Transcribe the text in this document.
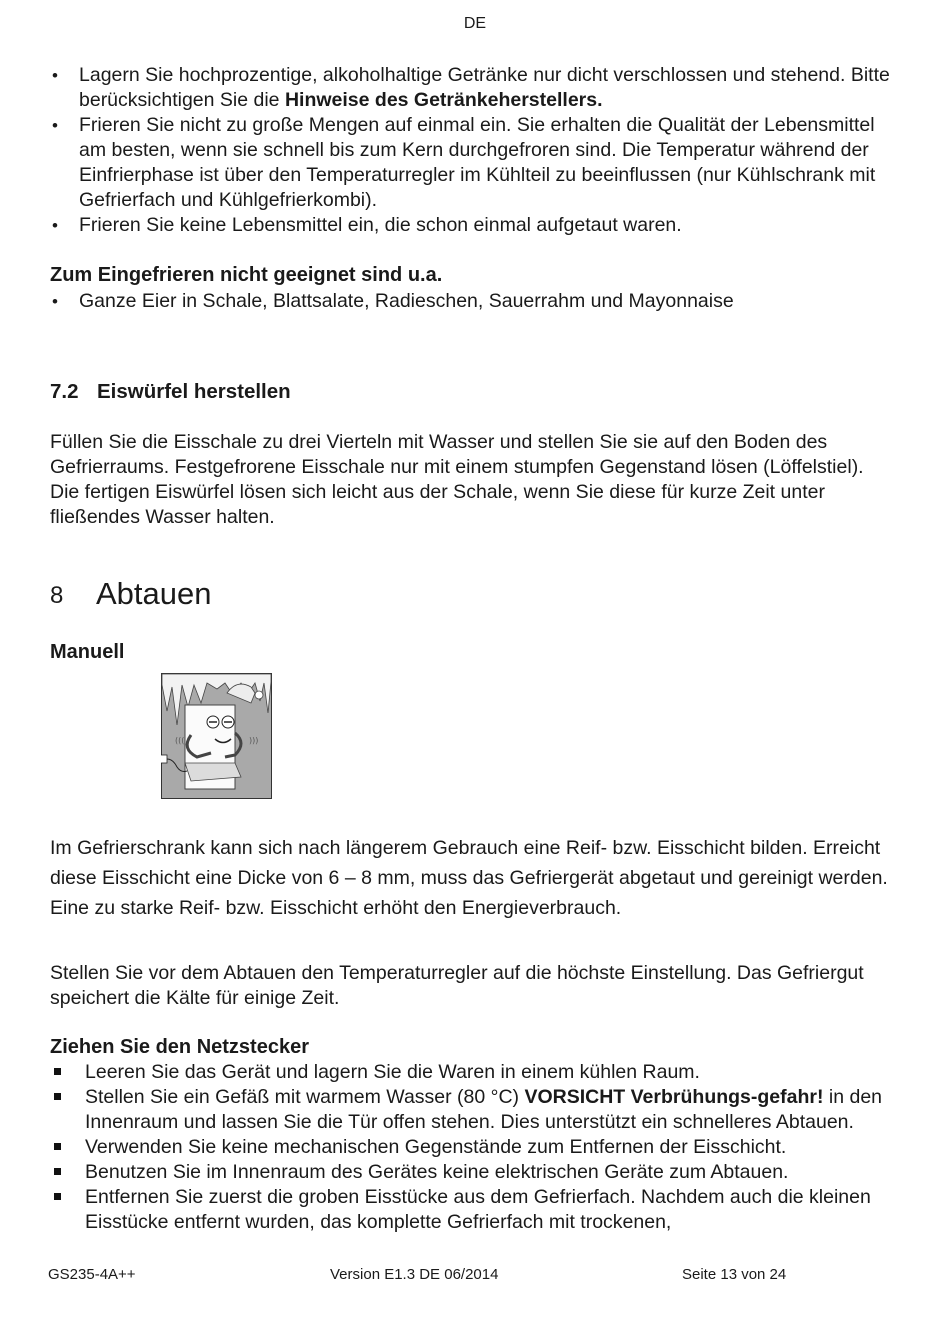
DE
• Lagern Sie hochprozentige, alkoholhaltige Getränke nur dicht verschlossen und stehend. Bitte berücksichtigen Sie die Hinweise des Getränkeherstellers.
• Frieren Sie nicht zu große Mengen auf einmal ein. Sie erhalten die Qualität der Lebensmittel am besten, wenn sie schnell bis zum Kern durchgefroren sind. Die Temperatur während der Einfrierphase ist über den Temperaturregler im Kühlteil zu beeinflussen (nur Kühlschrank mit Gefrierfach und Kühlgefrierkombi).
• Frieren Sie keine Lebensmittel ein, die schon einmal aufgetaut waren.
Zum Eingefrieren nicht geeignet sind u.a.
• Ganze Eier in Schale, Blattsalate, Radieschen, Sauerrahm und Mayonnaise
7.2 Eiswürfel herstellen
Füllen Sie die Eisschale zu drei Vierteln mit Wasser und stellen Sie sie auf den Boden des Gefrierraums. Festgefrorene Eisschale nur mit einem stumpfen Gegenstand lösen (Löffelstiel). Die fertigen Eiswürfel lösen sich leicht aus der Schale, wenn Sie diese für kurze Zeit unter fließendes Wasser halten.
8 Abtauen
Manuell
(((	)))
Im Gefrierschrank kann sich nach längerem Gebrauch eine Reif- bzw. Eisschicht bilden. Erreicht diese Eisschicht eine Dicke von 6 – 8 mm, muss das Gefriergerät abgetaut und gereinigt werden. Eine zu starke Reif- bzw. Eisschicht erhöht den Energieverbrauch.
Stellen Sie vor dem Abtauen den Temperaturregler auf die höchste Einstellung. Das Gefriergut speichert die Kälte für einige Zeit.
Ziehen Sie den Netzstecker
Leeren Sie das Gerät und lagern Sie die Waren in einem kühlen Raum.
Stellen Sie ein Gefäß mit warmem Wasser (80 °C) VORSICHT Verbrühungs-gefahr! in den Innenraum und lassen Sie die Tür offen stehen. Dies unterstützt ein schnelleres Abtauen.
Verwenden Sie keine mechanischen Gegenstände zum Entfernen der Eisschicht.
Benutzen Sie im Innenraum des Gerätes keine elektrischen Geräte zum Abtauen.
Entfernen Sie zuerst die groben Eisstücke aus dem Gefrierfach. Nachdem auch die kleinen Eisstücke entfernt wurden, das komplette Gefrierfach mit trockenen,
GS235-4A++	Version E1.3 DE 06/2014	Seite 13 von 24
